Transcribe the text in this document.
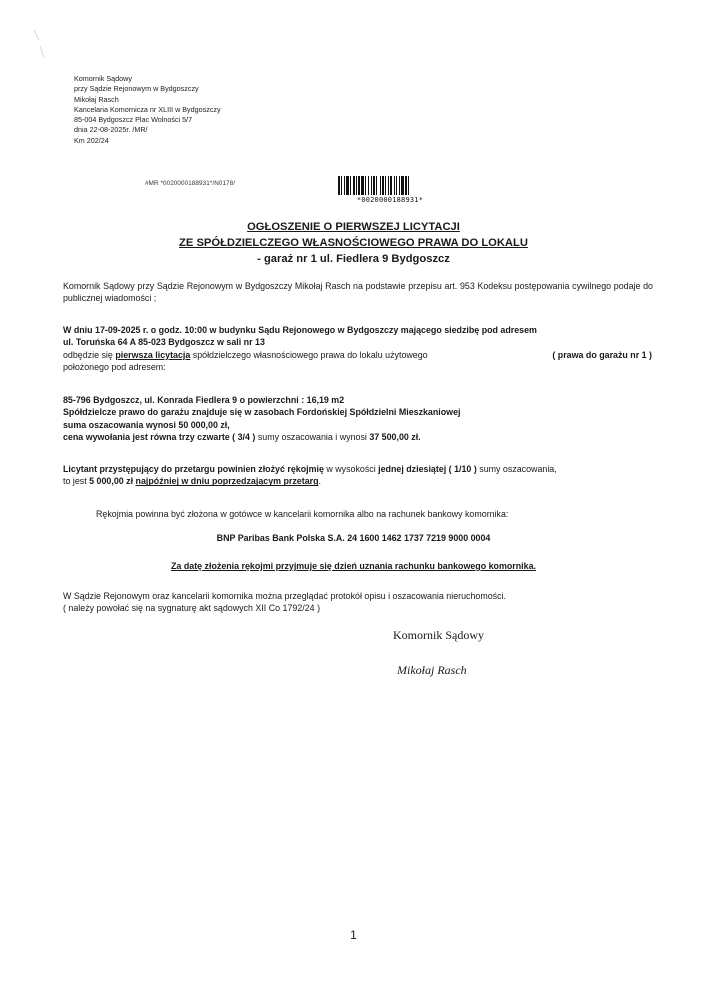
Komornik Sądowy
przy Sądzie Rejonowym w Bydgoszczy
Mikołaj Rasch
Kancelaria Komornicza nr XLIII w Bydgoszczy
85-004 Bydgoszcz Plac Wolności 5/7
dnia 22-08-2025r. /MR/
Km 202/24
#MR *0020000188931*/N0178/
*0020000188931*
OGŁOSZENIE O PIERWSZEJ LICYTACJI
ZE SPÓŁDZIELCZEGO WŁASNOŚCIOWEGO PRAWA DO LOKALU
- garaż nr 1 ul. Fiedlera 9 Bydgoszcz
Komornik Sądowy przy Sądzie Rejonowym w Bydgoszczy Mikołaj Rasch na podstawie przepisu art. 953 Kodeksu postępowania cywilnego podaje do publicznej wiadomości ;
W dniu 17-09-2025 r. o godz. 10:00 w budynku Sądu Rejonowego w Bydgoszczy mającego siedzibę pod adresem
ul. Toruńska 64 A 85-023 Bydgoszcz w sali nr 13
odbędzie się pierwsza licytacja spółdzielczego własnościowego prawa do lokalu użytowego	( prawa do garażu nr 1 )
położonego pod adresem:
85-796 Bydgoszcz, ul. Konrada Fiedlera 9 o powierzchni : 16,19 m2
Spółdzielcze prawo do garażu znajduje się w zasobach Fordońskiej Spółdzielni Mieszkaniowej
suma oszacowania wynosi 50 000,00 zł,
cena wywołania jest równa trzy czwarte ( 3/4 ) sumy oszacowania i wynosi 37 500,00 zł.
Licytant przystępujący do przetargu powinien złożyć rękojmię w wysokości jednej dziesiątej ( 1/10 ) sumy oszacowania,
to jest 5 000,00 zł najpóźniej w dniu poprzedzającym przetarg.
Rękojmia powinna być złożona w gotówce w kancelarii komornika albo na rachunek bankowy komornika:
BNP Paribas Bank Polska S.A. 24 1600 1462 1737 7219 9000 0004
Za datę złożenia rękojmi przyjmuje się dzień uznania rachunku bankowego komornika.
W Sądzie Rejonowym oraz kancelarii komornika można przeglądać protokół opisu i oszacowania nieruchomości.
( należy powołać się na sygnaturę akt sądowych XII Co 1792/24 )
Komornik Sądowy
Mikołaj Rasch
1
